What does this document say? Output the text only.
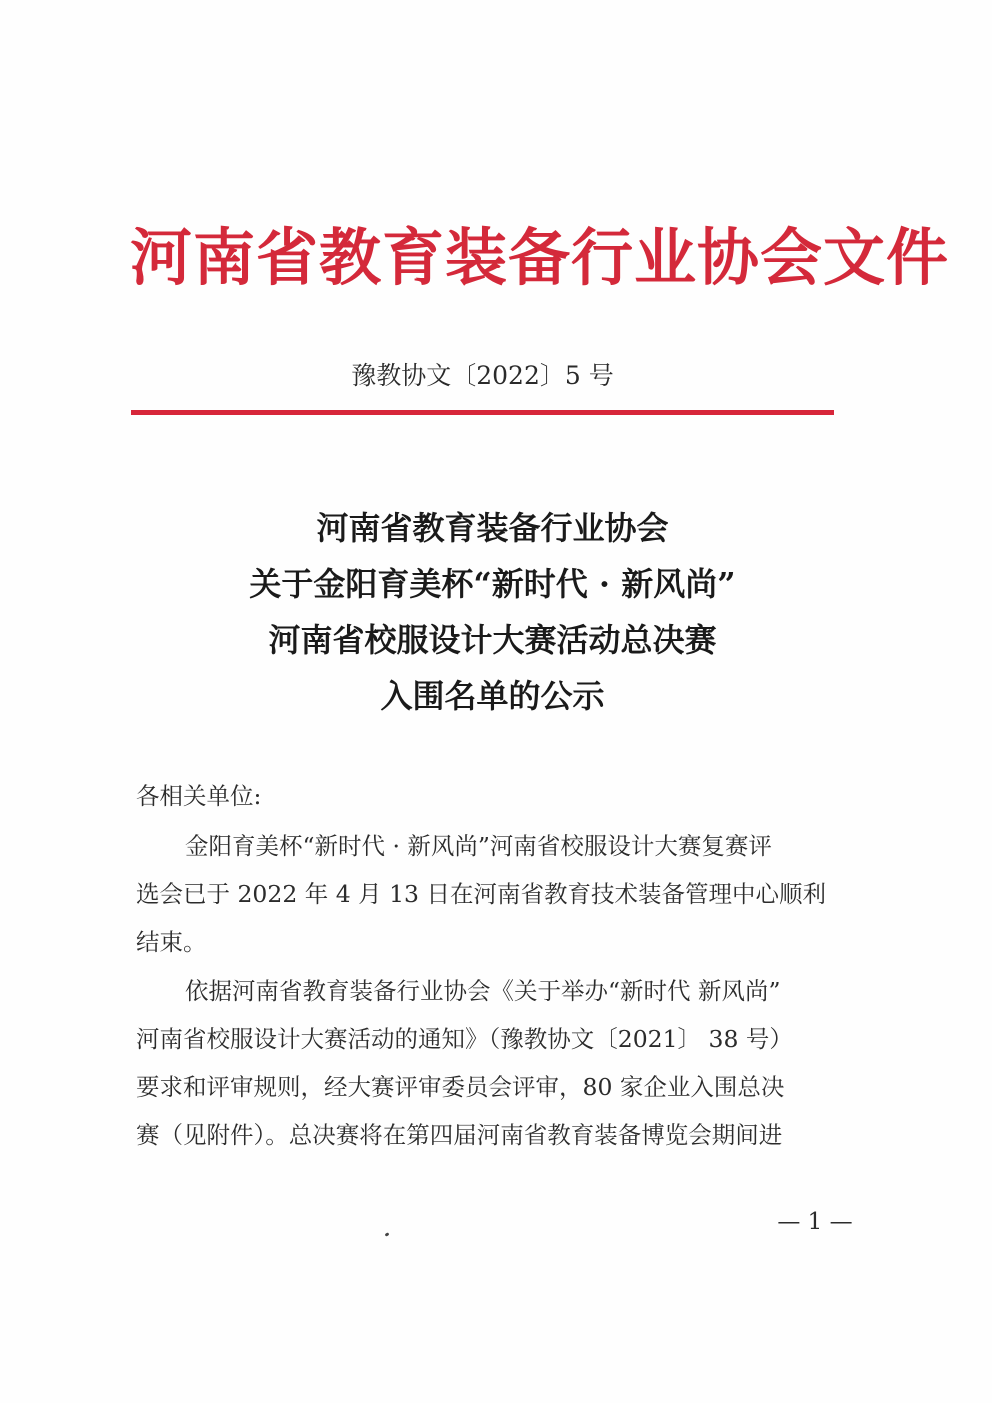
河南省教育装备行业协会文件
豫教协文〔2022〕5 号
河南省教育装备行业协会
关于金阳育美杯“新时代 · 新风尚”
河南省校服设计大赛活动总决赛
入围名单的公示
各相关单位:
金阳育美杯“新时代 · 新风尚”河南省校服设计大赛复赛评
选会已于 2022 年 4 月 13 日在河南省教育技术装备管理中心顺利
结束。
依据河南省教育装备行业协会《关于举办“新时代 新风尚”
河南省校服设计大赛活动的通知》（豫教协文〔2021〕 38 号）
要求和评审规则，经大赛评审委员会评审，80 家企业入围总决
赛（见附件）。总决赛将在第四届河南省教育装备博览会期间进
— 1 —
